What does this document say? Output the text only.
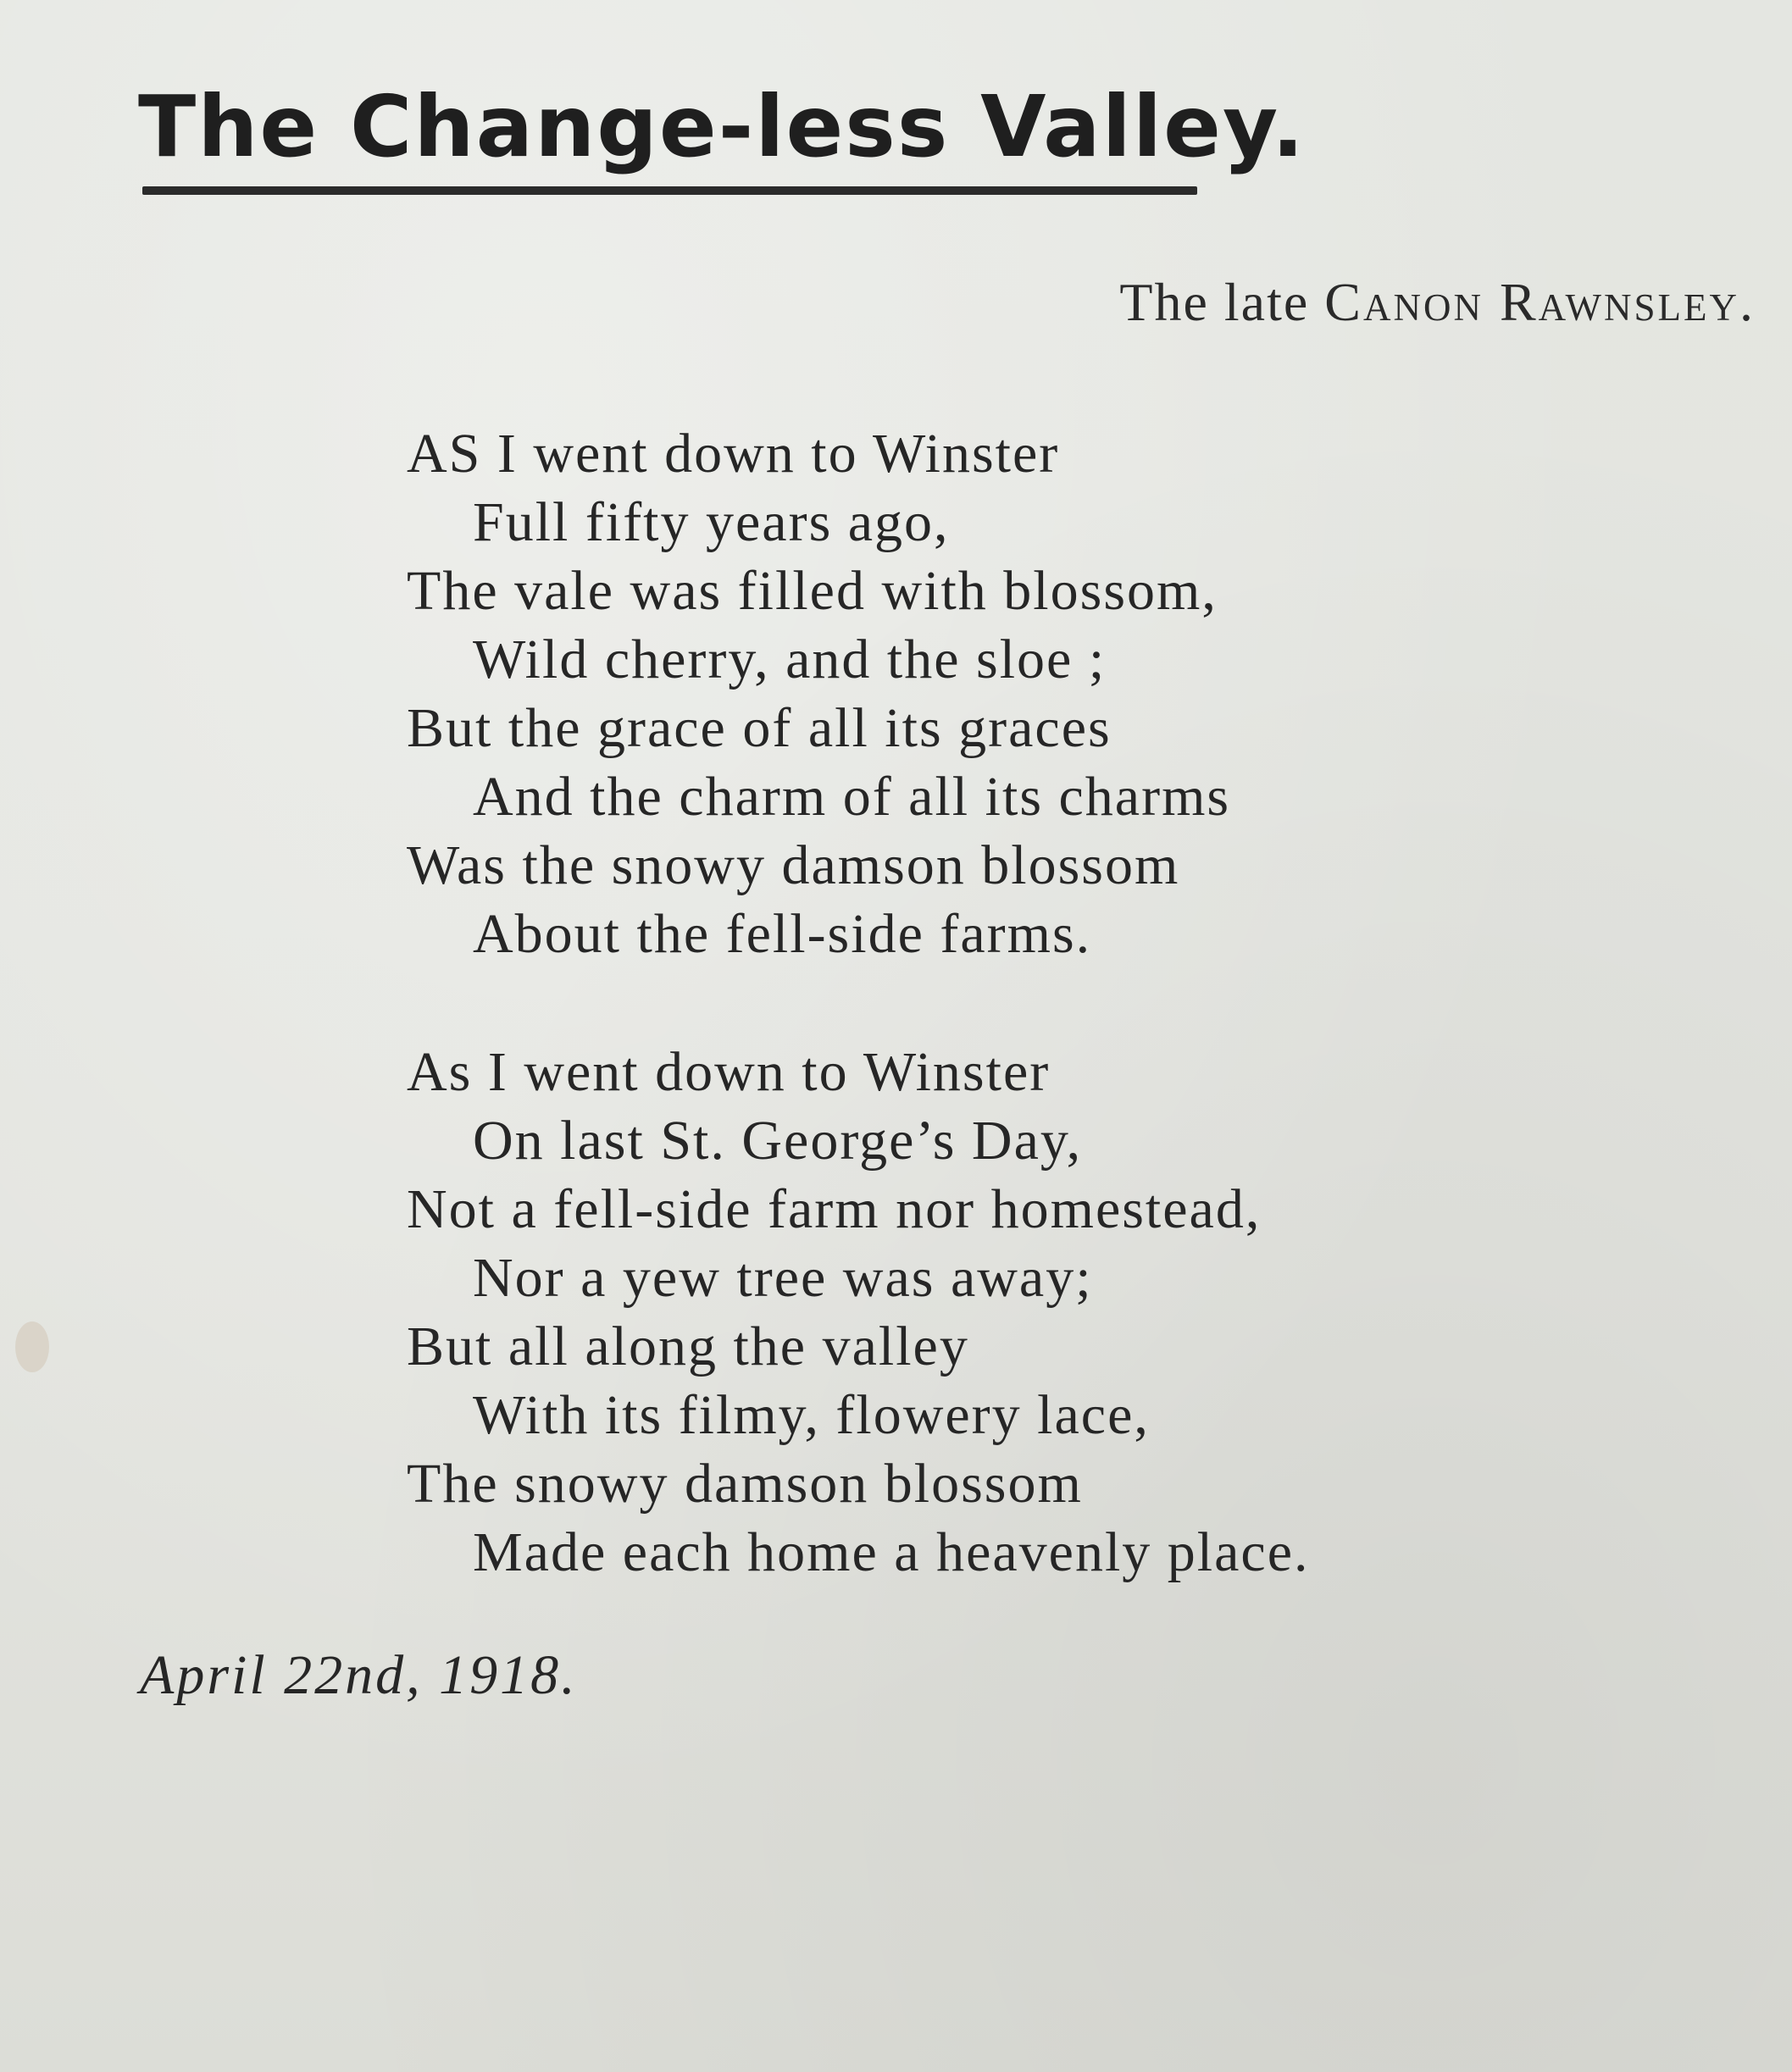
The Change-less Valley.
The late Canon Rawnsley.
AS I went down to Winster
Full fifty years ago,
The vale was filled with blossom,
Wild cherry, and the sloe ;
But the grace of all its graces
And the charm of all its charms
Was the snowy damson blossom
About the fell-side farms.
As I went down to Winster
On last St. George’s Day,
Not a fell-side farm nor homestead,
Nor a yew tree was away;
But all along the valley
With its filmy, flowery lace,
The snowy damson blossom
Made each home a heavenly place.
April 22nd, 1918.
